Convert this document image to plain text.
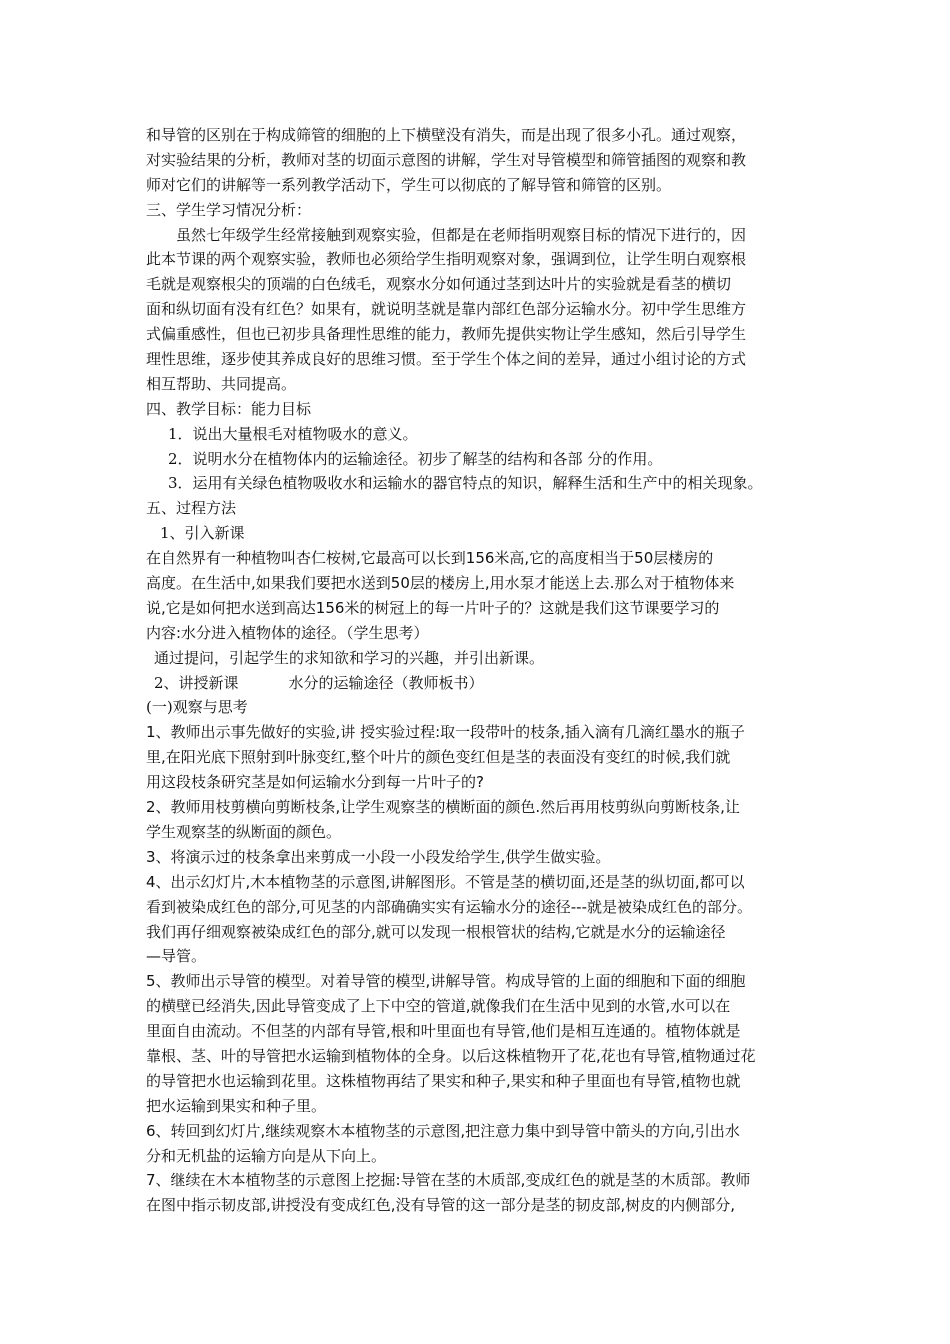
和导管的区别在于构成筛管的细胞的上下横壁没有消失，而是出现了很多小孔。通过观察，
对实验结果的分析，教师对茎的切面示意图的讲解，学生对导管模型和筛管插图的观察和教
师对它们的讲解等一系列教学活动下，学生可以彻底的了解导管和筛管的区别。
三、学生学习情况分析：
虽然七年级学生经常接触到观察实验，但都是在老师指明观察目标的情况下进行的，因
此本节课的两个观察实验，教师也必须给学生指明观察对象，强调到位，让学生明白观察根
毛就是观察根尖的顶端的白色绒毛，观察水分如何通过茎到达叶片的实验就是看茎的横切
面和纵切面有没有红色？如果有，就说明茎就是靠内部红色部分运输水分。初中学生思维方
式偏重感性，但也已初步具备理性思维的能力，教师先提供实物让学生感知，然后引导学生
理性思维，逐步使其养成良好的思维习惯。至于学生个体之间的差异，通过小组讨论的方式
相互帮助、共同提高。
四、教学目标：能力目标
1．说出大量根毛对植物吸水的意义。
2．说明水分在植物体内的运输途径。初步了解茎的结构和各部 分的作用。
3．运用有关绿色植物吸收水和运输水的器官特点的知识，解释生活和生产中的相关现象。
五、过程方法
1、引入新课
在自然界有一种植物叫杏仁桉树,它最高可以长到156米高,它的高度相当于50层楼房的
高度。在生活中,如果我们要把水送到50层的楼房上,用水泵才能送上去.那么对于植物体来
说,它是如何把水送到高达156米的树冠上的每一片叶子的？这就是我们这节课要学习的
内容:水分进入植物体的途径。（学生思考）
通过提问，引起学生的求知欲和学习的兴趣，并引出新课。
2、讲授新课	水分的运输途径（教师板书）
(一)观察与思考
1、教师出示事先做好的实验,讲 授实验过程:取一段带叶的枝条,插入滴有几滴红墨水的瓶子
里,在阳光底下照射到叶脉变红,整个叶片的颜色变红但是茎的表面没有变红的时候,我们就
用这段枝条研究茎是如何运输水分到每一片叶子的?
2、教师用枝剪横向剪断枝条,让学生观察茎的横断面的颜色.然后再用枝剪纵向剪断枝条,让
学生观察茎的纵断面的颜色。
3、将演示过的枝条拿出来剪成一小段一小段发给学生,供学生做实验。
4、出示幻灯片,木本植物茎的示意图,讲解图形。不管是茎的横切面,还是茎的纵切面,都可以
看到被染成红色的部分,可见茎的内部确确实实有运输水分的途径---就是被染成红色的部分。
我们再仔细观察被染成红色的部分,就可以发现一根根管状的结构,它就是水分的运输途径
—导管。
5、教师出示导管的模型。对着导管的模型,讲解导管。构成导管的上面的细胞和下面的细胞
的横壁已经消失,因此导管变成了上下中空的管道,就像我们在生活中见到的水管,水可以在
里面自由流动。不但茎的内部有导管,根和叶里面也有导管,他们是相互连通的。植物体就是
靠根、茎、叶的导管把水运输到植物体的全身。以后这株植物开了花,花也有导管,植物通过花
的导管把水也运输到花里。这株植物再结了果实和种子,果实和种子里面也有导管,植物也就
把水运输到果实和种子里。
6、转回到幻灯片,继续观察木本植物茎的示意图,把注意力集中到导管中箭头的方向,引出水
分和无机盐的运输方向是从下向上。
7、继续在木本植物茎的示意图上挖掘:导管在茎的木质部,变成红色的就是茎的木质部。教师
在图中指示韧皮部,讲授没有变成红色,没有导管的这一部分是茎的韧皮部,树皮的内侧部分,
